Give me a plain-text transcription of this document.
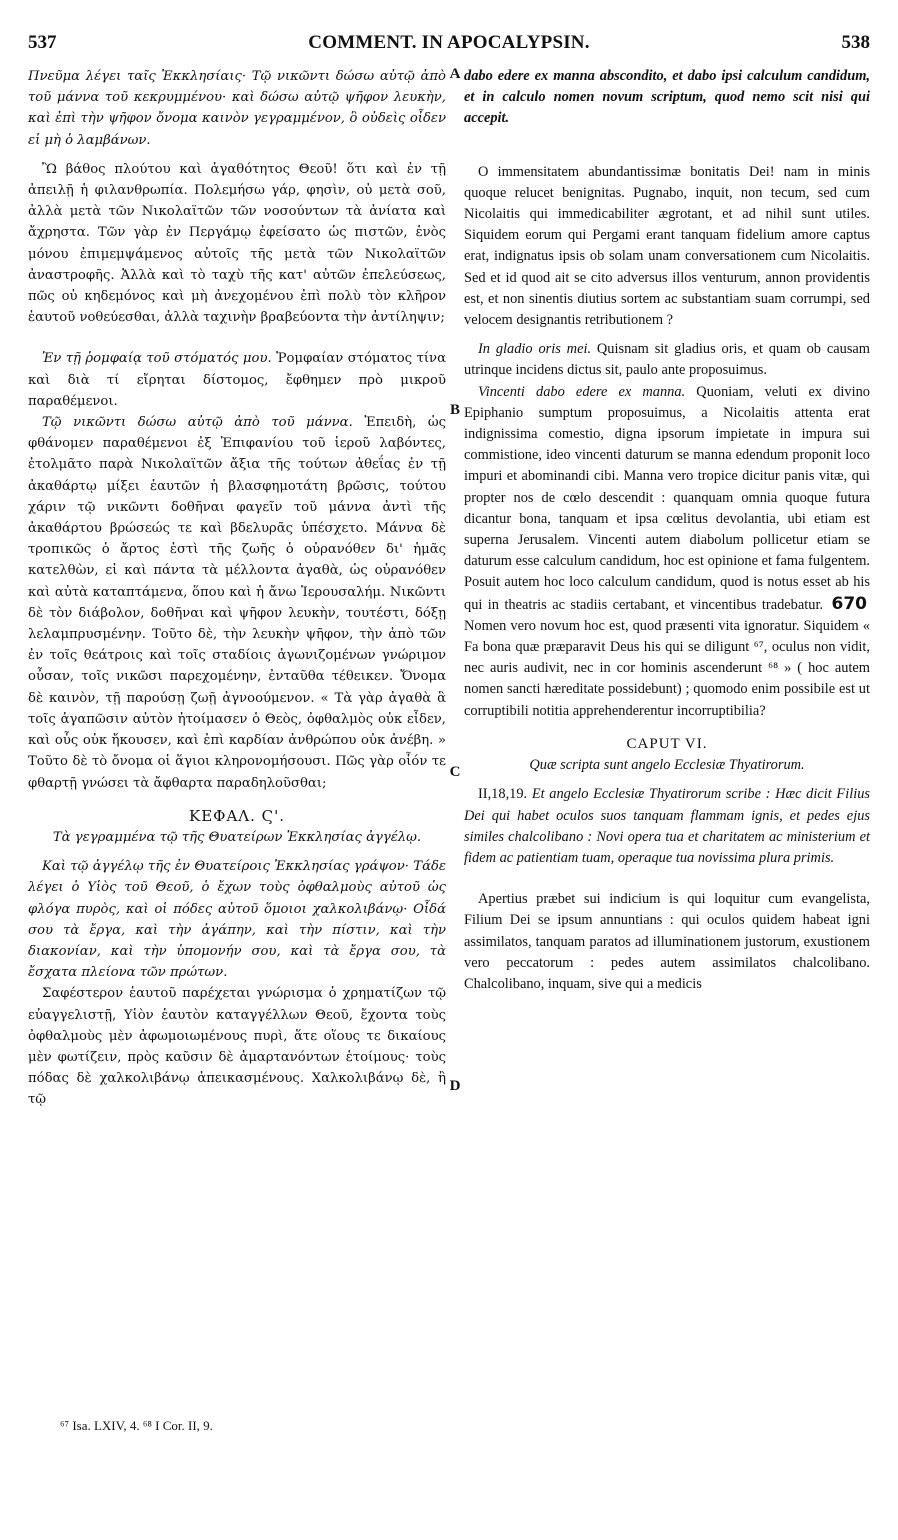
537	COMMENT. IN APOCALYPSIN.	538

Πνεῦμα λέγει ταῖς Ἐκκλησίαις· Τῷ νικῶντι δώσω αὐτῷ ἀπὸ τοῦ μάννα τοῦ κεκρυμμένου· καὶ δώσω αὐτῷ ψῆφον λευκὴν, καὶ ἐπὶ τὴν ψῆφον ὄνομα καινὸν γεγραμμένον, ὃ οὐδεὶς οἶδεν εἰ μὴ ὁ λαμβάνων.

Ὢ βάθος πλούτου καὶ ἀγαθότητος Θεοῦ! ὅτι καὶ ἐν τῇ ἀπειλῇ ἡ φιλανθρωπία. Πολεμήσω γάρ, φησὶν, οὐ μετὰ σοῦ, ἀλλὰ μετὰ τῶν Νικολαϊτῶν τῶν νοσούντων τὰ ἀνίατα καὶ ἄχρηστα. Τῶν γὰρ ἐν Περγάμῳ ἐφείσατο ὡς πιστῶν, ἑνὸς μόνου ἐπιμεμψάμενος αὐτοῖς τῆς μετὰ τῶν Νικολαϊτῶν ἀναστροφῆς. Ἀλλὰ καὶ τὸ ταχὺ τῆς κατ' αὐτῶν ἐπελεύσεως, πῶς οὐ κηδεμόνος καὶ μὴ ἀνεχομένου ἐπὶ πολὺ τὸν κλῆρον ἑαυτοῦ νοθεύεσθαι, ἀλλὰ ταχινὴν βραβεύοντα τὴν ἀντίληψιν;

Ἐν τῇ ῥομφαίᾳ τοῦ στόματός μου. Ῥομφαίαν στόματος τίνα καὶ διὰ τί εἴρηται δίστομος, ἔφθημεν πρὸ μικροῦ παραθέμενοι.

Τῷ νικῶντι δώσω αὐτῷ ἀπὸ τοῦ μάννα. Ἐπειδὴ, ὡς φθάνομεν παραθέμενοι ἐξ Ἐπιφανίου τοῦ ἱεροῦ λαβόντες, ἐτολμᾶτο παρὰ Νικολαϊτῶν ἄξια τῆς τούτων ἀθεΐας ἐν τῇ ἀκαθάρτῳ μίξει ἑαυτῶν ἡ βλασφημοτάτη βρῶσις, τούτου χάριν τῷ νικῶντι δοθῆναι φαγεῖν τοῦ μάννα ἀντὶ τῆς ἀκαθάρτου βρώσεώς τε καὶ βδελυρᾶς ὑπέσχετο. Μάννα δὲ τροπικῶς ὁ ἄρτος ἐστὶ τῆς ζωῆς ὁ οὐρανόθεν δι' ἡμᾶς κατελθὼν, εἰ καὶ πάντα τὰ μέλλοντα ἀγαθὰ, ὡς οὐρανόθεν καὶ αὐτὰ καταπτάμενα, ὅπου καὶ ἡ ἄνω Ἱερουσαλήμ. Νικῶντι δὲ τὸν διάβολον, δοθῆναι καὶ ψῆφον λευκὴν, τουτέστι, δόξῃ λελαμπρυσμένην. Τοῦτο δὲ, τὴν λευκὴν ψῆφον, τὴν ἀπὸ τῶν ἐν τοῖς θεάτροις καὶ τοῖς σταδίοις ἀγωνιζομένων γνώριμον οὖσαν, τοῖς νικῶσι παρεχομένην, ἐνταῦθα τέθεικεν. Ὄνομα δὲ καινὸν, τῇ παρούσῃ ζωῇ ἀγνοούμενον. « Τὰ γὰρ ἀγαθὰ ἃ τοῖς ἀγαπῶσιν αὐτὸν ἡτοίμασεν ὁ Θεὸς, ὀφθαλμὸς οὐκ εἶδεν, καὶ οὖς οὐκ ἤκουσεν, καὶ ἐπὶ καρδίαν ἀνθρώπου οὐκ ἀνέβη. » Τοῦτο δὲ τὸ ὄνομα οἱ ἅγιοι κληρονομήσουσι. Πῶς γὰρ οἷόν τε φθαρτῇ γνώσει τὰ ἄφθαρτα παραδηλοῦσθαι;

ΚΕΦΑΛ. Ϛ'.

Τὰ γεγραμμένα τῷ τῆς Θυατείρων Ἐκκλησίας ἀγγέλῳ.

Καὶ τῷ ἀγγέλῳ τῆς ἐν Θυατείροις Ἐκκλησίας γράψον· Τάδε λέγει ὁ Υἱὸς τοῦ Θεοῦ, ὁ ἔχων τοὺς ὀφθαλμοὺς αὐτοῦ ὡς φλόγα πυρὸς, καὶ οἱ πόδες αὐτοῦ ὅμοιοι χαλκολιβάνῳ· Οἶδά σου τὰ ἔργα, καὶ τὴν ἀγάπην, καὶ τὴν πίστιν, καὶ τὴν διακονίαν, καὶ τὴν ὑπομονήν σου, καὶ τὰ ἔργα σου, τὰ ἔσχατα πλείονα τῶν πρώτων.

Σαφέστερον ἑαυτοῦ παρέχεται γνώρισμα ὁ χρηματίζων τῷ εὐαγγελιστῇ, Υἱὸν ἑαυτὸν καταγγέλλων Θεοῦ, ἔχοντα τοὺς ὀφθαλμοὺς μὲν ἀφωμοιωμένους πυρὶ, ἅτε οἵους τε δικαίους μὲν φωτίζειν, πρὸς καῦσιν δὲ ἁμαρτανόντων ἑτοίμους· τοὺς πόδας δὲ χαλκολιβάνῳ ἀπεικασμένους. Χαλκολιβάνῳ δὲ, ἢ τῷ

A
B
C
D

dabo edere ex manna abscondito, et dabo ipsi calculum candidum, et in calculo nomen novum scriptum, quod nemo scit nisi qui accepit.

O immensitatem abundantissimæ bonitatis Dei! nam in minis quoque relucet benignitas. Pugnabo, inquit, non tecum, sed cum Nicolaitis qui immedicabiliter ægrotant, et ad nihil sunt utiles. Siquidem eorum qui Pergami erant tanquam fidelium amore captus erat, indignatus ipsis ob solam unam conversationem cum Nicolaitis. Sed et id quod ait se cito adversus illos venturum, annon providentis est, et non sinentis diutius sortem ac substantiam suam corrumpi, sed velocem designantis retributionem ?

In gladio oris mei. Quisnam sit gladius oris, et quam ob causam utrinque incidens dictus sit, paulo ante proposuimus.

Vincenti dabo edere ex manna. Quoniam, veluti ex divino Epiphanio sumptum proposuimus, a Nicolaitis attenta erat indignissima comestio, digna ipsorum impietate in impura sui commistione, ideo vincenti daturum se manna edendum proponit loco impuri et abominandi cibi. Manna vero tropice dicitur panis vitæ, qui propter nos de cœlo descendit : quanquam omnia quoque futura dicantur bona, tanquam et ipsa cœlitus devolantia, ubi etiam est superna Jerusalem. Vincenti autem diabolum pollicetur etiam se daturum esse calculum candidum, hoc est opinione et fama fulgentem. Posuit autem hoc loco calculum candidum, quod is notus esset ab his qui in theatris ac stadiis certabant, et vincentibus tradebatur. 670 Nomen vero novum hoc est, quod præsenti vita ignoratur. Siquidem « Fa bona quæ præparavit Deus his qui se diligunt ⁶⁷, oculus non vidit, nec auris audivit, nec in cor hominis ascenderunt ⁶⁸ » ( hoc autem nomen sancti hæreditate possidebunt) ; quomodo enim possibile est ut corruptibili notitia apprehenderentur incorruptibilia?

CAPUT VI.

Quæ scripta sunt angelo Ecclesiæ Thyatirorum.

II,18,19. Et angelo Ecclesiæ Thyatirorum scribe : Hæc dicit Filius Dei qui habet oculos suos tanquam flammam ignis, et pedes ejus similes chalcolibano : Novi opera tua et charitatem ac ministerium et fidem ac patientiam tuam, operaque tua novissima plura primis.

Apertius præbet sui indicium is qui loquitur cum evangelista, Filium Dei se ipsum annuntians : qui oculos quidem habeat igni assimilatos, tanquam paratos ad illuminationem justorum, exustionem vero peccatorum : pedes autem assimilatos chalcolibano. Chalcolibano, inquam, sive qui a medicis

⁶⁷ Isa. LXIV, 4. ⁶⁸ I Cor. II, 9.
